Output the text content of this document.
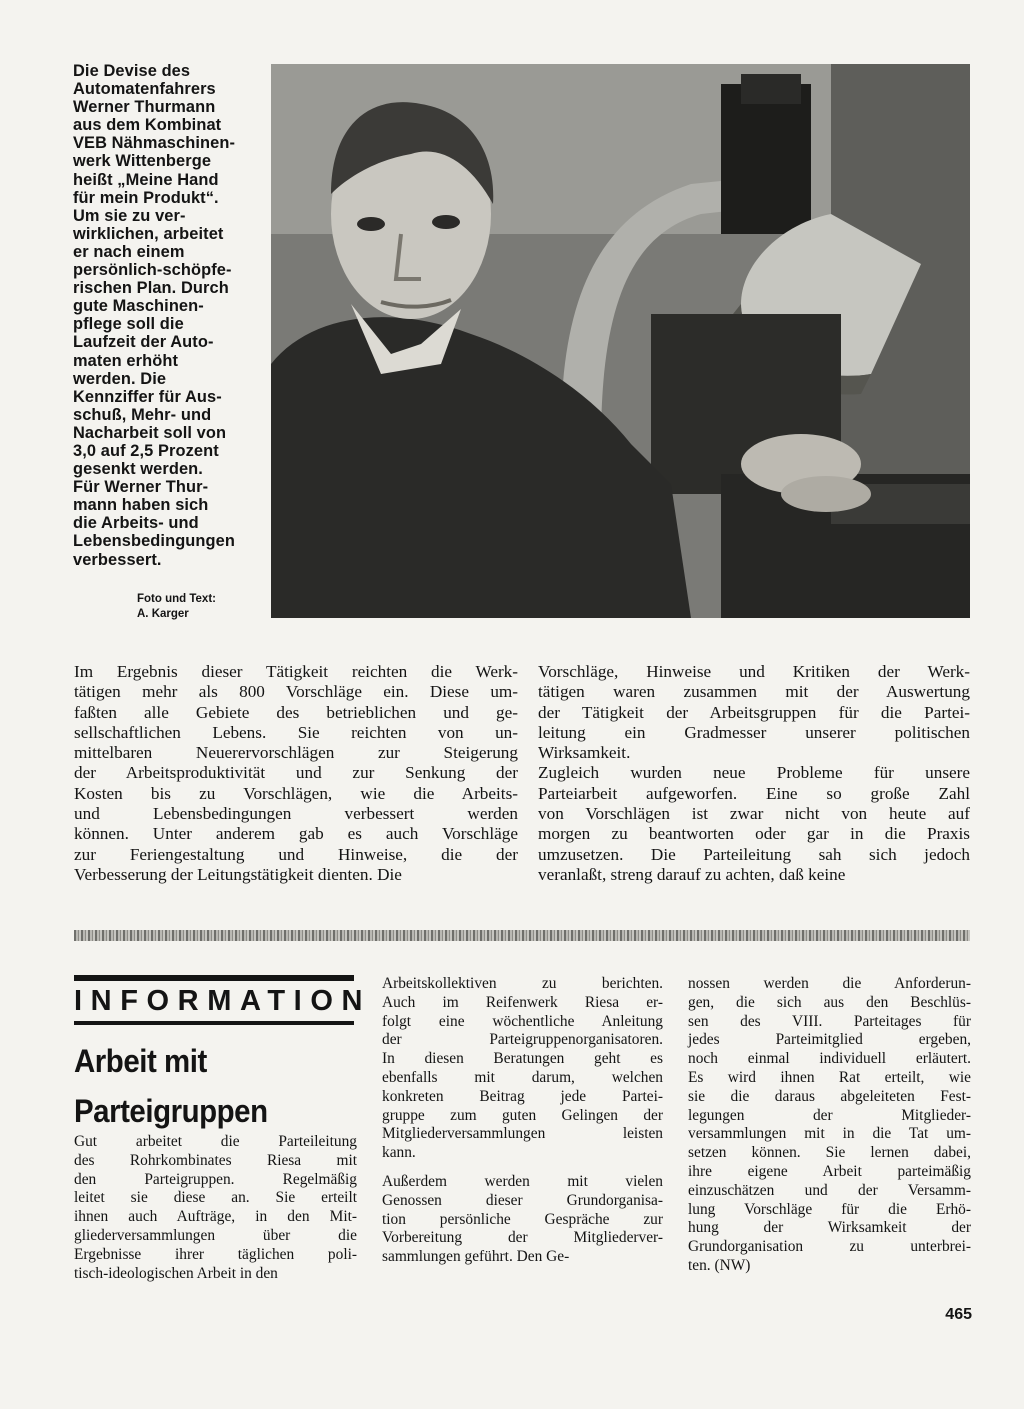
Die Devise des
Automatenfahrers
Werner Thurmann
aus dem Kombinat
VEB Nähmaschinen-
werk Wittenberge
heißt „Meine Hand
für mein Produkt“.
Um sie zu ver-
wirklichen, arbeitet
er nach einem
persönlich-schöpfe-
rischen Plan. Durch
gute Maschinen-
pflege soll die
Laufzeit der Auto-
maten erhöht
werden. Die
Kennziffer für Aus-
schuß, Mehr- und
Nacharbeit soll von
3,0 auf 2,5 Prozent
gesenkt werden.
Für Werner Thur-
mann haben sich
die Arbeits- und
Lebensbedingungen
verbessert.
Foto und Text:
A. Karger
Im Ergebnis dieser Tätigkeit reichten die Werk-
tätigen mehr als 800 Vorschläge ein. Diese um-
faßten alle Gebiete des betrieblichen und ge-
sellschaftlichen Lebens. Sie reichten von un-
mittelbaren Neuerervorschlägen zur Steigerung
der Arbeitsproduktivität und zur Senkung der
Kosten bis zu Vorschlägen, wie die Arbeits-
und Lebensbedingungen verbessert werden
können. Unter anderem gab es auch Vorschläge
zur Feriengestaltung und Hinweise, die der
Verbesserung der Leitungstätigkeit dienten. Die
Vorschläge, Hinweise und Kritiken der Werk-
tätigen waren zusammen mit der Auswertung
der Tätigkeit der Arbeitsgruppen für die Partei-
leitung ein Gradmesser unserer politischen
Wirksamkeit.
Zugleich wurden neue Probleme für unsere
Parteiarbeit aufgeworfen. Eine so große Zahl
von Vorschlägen ist zwar nicht von heute auf
morgen zu beantworten oder gar in die Praxis
umzusetzen. Die Parteileitung sah sich jedoch
veranlaßt, streng darauf zu achten, daß keine
INFORMATION
Arbeit mit
Parteigruppen
Gut arbeitet die Parteileitung
des Rohrkombinates Riesa mit
den Parteigruppen. Regelmäßig
leitet sie diese an. Sie erteilt
ihnen auch Aufträge, in den Mit-
gliederversammlungen über die
Ergebnisse ihrer täglichen poli-
tisch-ideologischen Arbeit in den
Arbeitskollektiven zu berichten.
Auch im Reifenwerk Riesa er-
folgt eine wöchentliche Anleitung
der Parteigruppenorganisatoren.
In diesen Beratungen geht es
ebenfalls mit darum, welchen
konkreten Beitrag jede Partei-
gruppe zum guten Gelingen der
Mitgliederversammlungen leisten
kann.
Außerdem werden mit vielen
Genossen dieser Grundorganisa-
tion persönliche Gespräche zur
Vorbereitung der Mitgliederver-
sammlungen geführt. Den Ge-
nossen werden die Anforderun-
gen, die sich aus den Beschlüs-
sen des VIII. Parteitages für
jedes Parteimitglied ergeben,
noch einmal individuell erläutert.
Es wird ihnen Rat erteilt, wie
sie die daraus abgeleiteten Fest-
legungen der Mitglieder-
versammlungen mit in die Tat um-
setzen können. Sie lernen dabei,
ihre eigene Arbeit parteimäßig
einzuschätzen und der Versamm-
lung Vorschläge für die Erhö-
hung der Wirksamkeit der
Grundorganisation zu unterbrei-
ten. (NW)
465
